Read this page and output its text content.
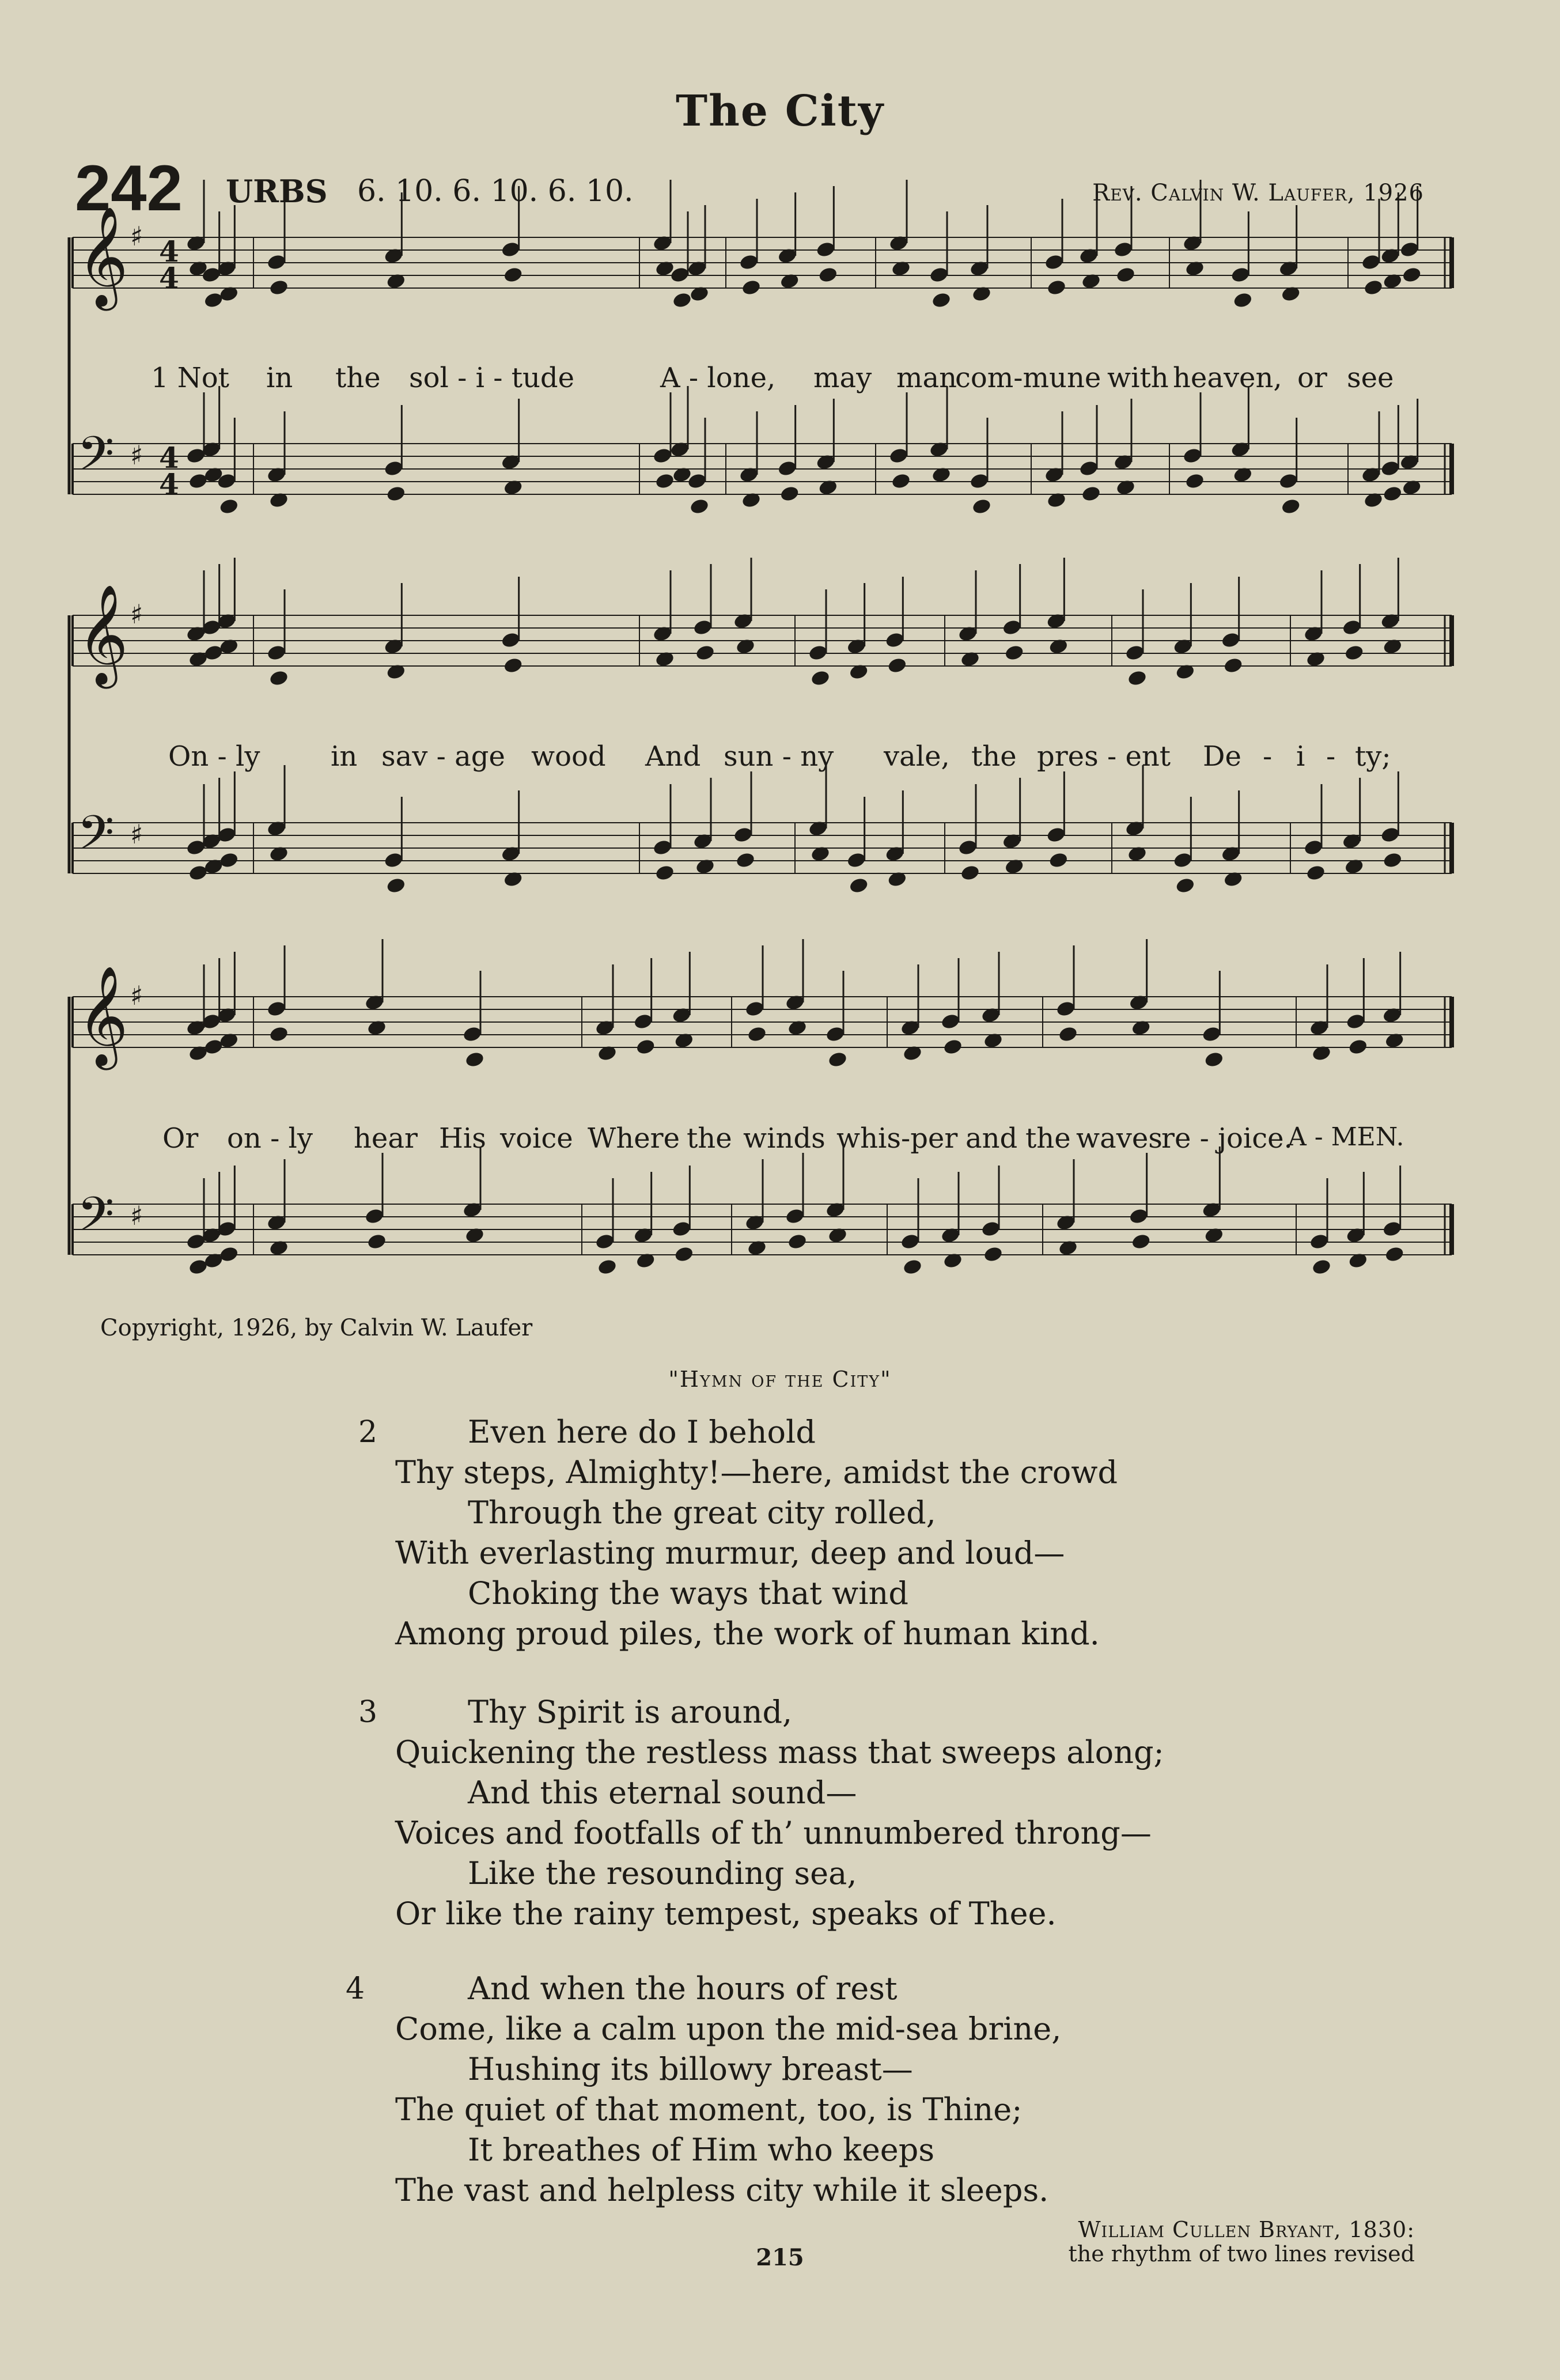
The City
242 URBS 6. 10. 6. 10. 6. 10.	Rev. Calvin W. Laufer, 1926
𝄞 ♯ 4
4
𝄢 ♯ 4
4
𝄞 ♯
𝄢 ♯
𝄞 ♯
𝄢 ♯
1 Not in the sol - i - tude	A - lone, may man
com-mune with heaven, or see
On - ly	in sav - age wood And sun - ny vale, the pres - ent De - i - ty;
Or on - ly hear His voice Where the winds whis-per and the waves
re - joice.
A - MEN.
Copyright, 1926, by Calvin W. Laufer
"Hymn of the City"
2	Even here do I behold
Thy steps, Almighty!—here, amidst the crowd
Through the great city rolled,
With everlasting murmur, deep and loud—
Choking the ways that wind
Among proud piles, the work of human kind.
3	Thy Spirit is around,
Quickening the restless mass that sweeps along;
And this eternal sound—
Voices and footfalls of th’ unnumbered throng—
Like the resounding sea,
Or like the rainy tempest, speaks of Thee.
4	And when the hours of rest
Come, like a calm upon the mid-sea brine,
Hushing its billowy breast—
The quiet of that moment, too, is Thine;
It breathes of Him who keeps
The vast and helpless city while it sleeps.
William Cullen Bryant, 1830:
the rhythm of two lines revised
215
